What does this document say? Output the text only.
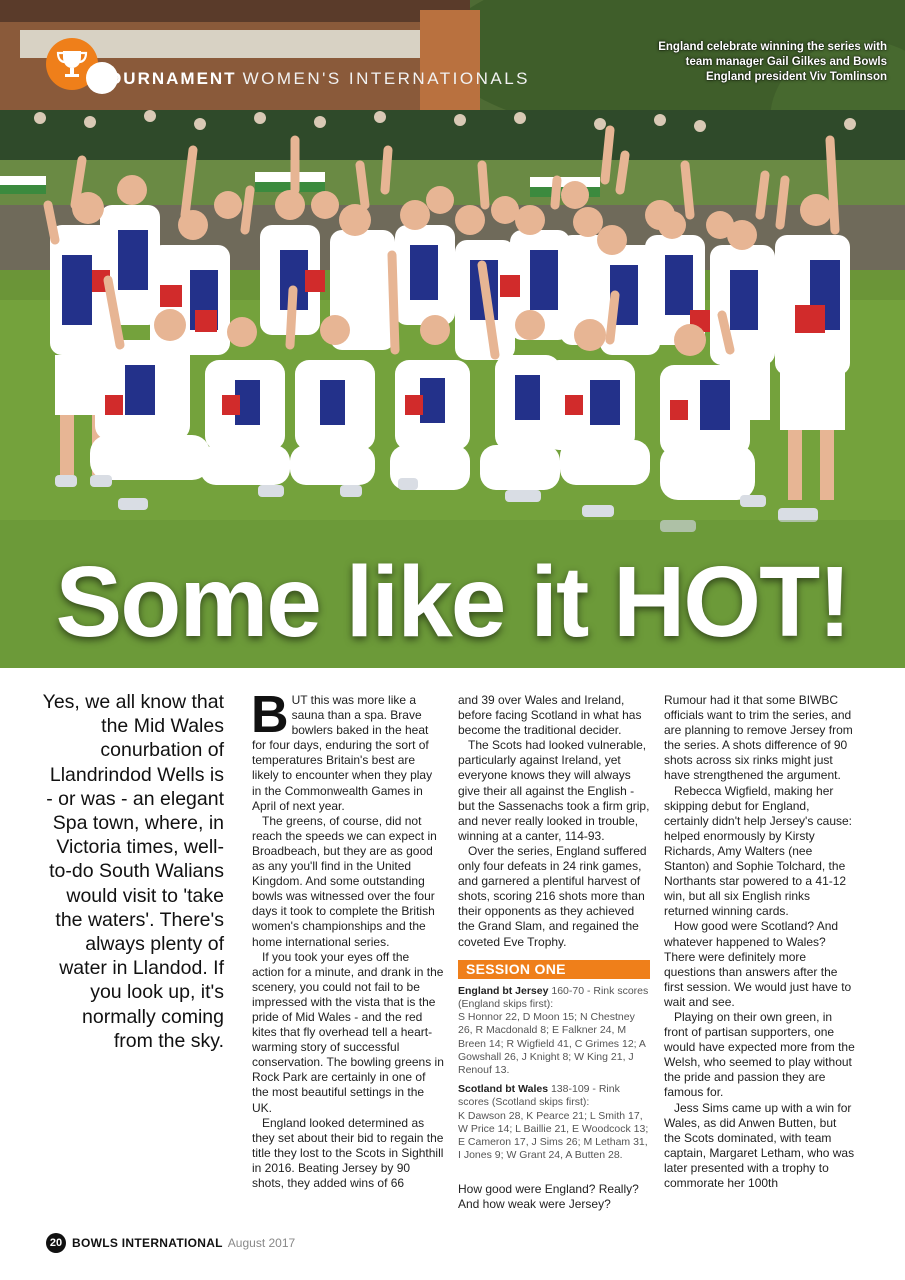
TOURNAMENT WOMEN'S INTERNATIONALS
England celebrate winning the series with team manager Gail Gilkes and Bowls England president Viv Tomlinson
Some like it HOT!
Yes, we all know that the Mid Wales conurbation of Llandrindod Wells is - or was - an elegant Spa town, where, in Victoria times, well-to-do South Walians would visit to 'take the waters'. There's always plenty of water in Llandod. If you look up, it's normally coming from the sky.

BUT this was more like a sauna than a spa. Brave bowlers baked in the heat for four days, enduring the sort of temperatures Britain's best are likely to encounter when they play in the Commonwealth Games in April of next year.

The greens, of course, did not reach the speeds we can expect in Broadbeach, but they are as good as any you'll find in the United Kingdom. And some outstanding bowls was witnessed over the four days it took to complete the British women's championships and the home international series.

If you took your eyes off the action for a minute, and drank in the scenery, you could not fail to be impressed with the vista that is the pride of Mid Wales - and the red kites that fly overhead tell a heart-warming story of successful conservation. The bowling greens in Rock Park are certainly in one of the most beautiful settings in the UK.

England looked determined as they set about their bid to regain the title they lost to the Scots in Sighthill in 2016. Beating Jersey by 90 shots, they added wins of 66

and 39 over Wales and Ireland, before facing Scotland in what has become the traditional decider.

The Scots had looked vulnerable, particularly against Ireland, yet everyone knows they will always give their all against the English - but the Sassenachs took a firm grip, and never really looked in trouble, winning at a canter, 114-93.

Over the series, England suffered only four defeats in 24 rink games, and garnered a plentiful harvest of shots, scoring 216 shots more than their opponents as they achieved the Grand Slam, and regained the coveted Eve Trophy.

SESSION ONE
England bt Jersey 160-70 - Rink scores (England skips first):
S Honnor 22, D Moon 15; N Chestney 26, R Macdonald 8; E Falkner 24, M Breen 14; R Wigfield 41, C Grimes 12; A Gowshall 26, J Knight 8; W King 21, J Renouf 13.
Scotland bt Wales 138-109 - Rink scores (Scotland skips first):
K Dawson 28, K Pearce 21; L Smith 17, W Price 14; L Baillie 21, E Woodcock 13; E Cameron 17, J Sims 26; M Letham 31, I Jones 9; W Grant 24, A Butten 28.

How good were England? Really? And how weak were Jersey?

Rumour had it that some BIWBC officials want to trim the series, and are planning to remove Jersey from the series. A shots difference of 90 shots across six rinks might just have strengthened the argument.

Rebecca Wigfield, making her skipping debut for England, certainly didn't help Jersey's cause: helped enormously by Kirsty Richards, Amy Walters (nee Stanton) and Sophie Tolchard, the Northants star powered to a 41-12 win, but all six English rinks returned winning cards.

How good were Scotland? And whatever happened to Wales? There were definitely more questions than answers after the first session. We would just have to wait and see.

Playing on their own green, in front of partisan supporters, one would have expected more from the Welsh, who seemed to play without the pride and passion they are famous for.

Jess Sims came up with a win for Wales, as did Anwen Butten, but the Scots dominated, with team captain, Margaret Letham, who was later presented with a trophy to commorate her 100th

20 BOWLS INTERNATIONAL August 2017
